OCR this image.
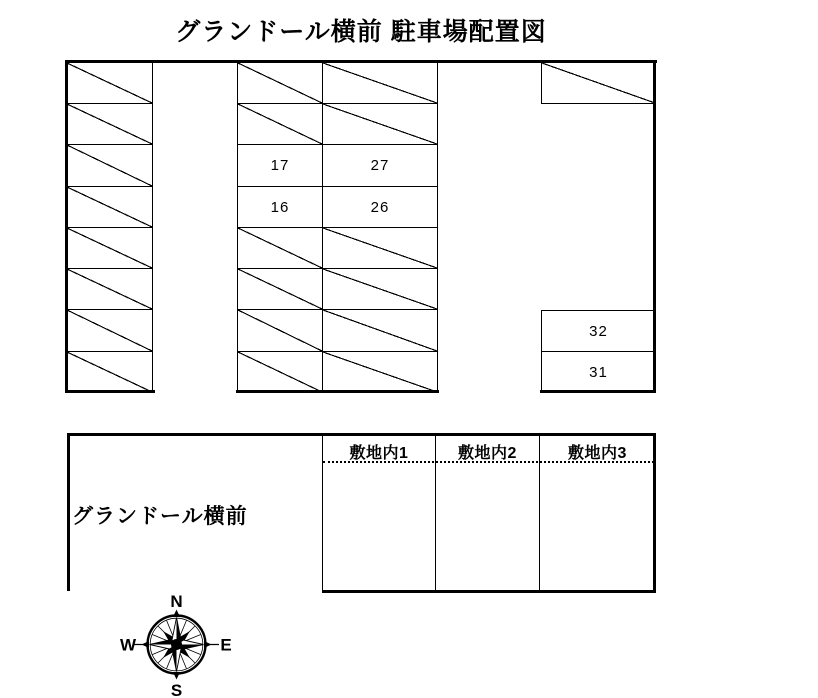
グランドール横前 駐車場配置図
17
16
27
26
32
31
敷地内1	敷地内2	敷地内3
グランドール横前
N
E
S
W
